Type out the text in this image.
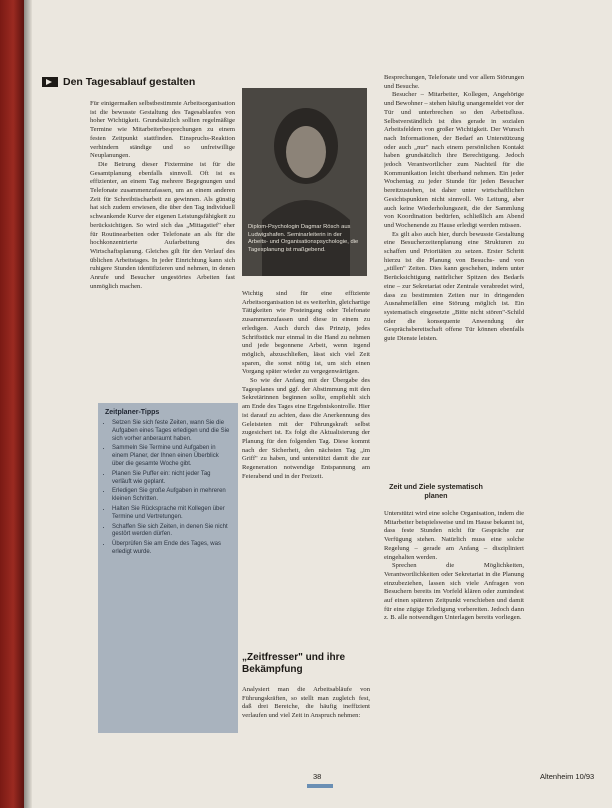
Den Tagesablauf gestalten

Für einigermaßen selbstbestimmte Arbeitsorganisation ist die bewusste Gestaltung des Tagesablaufes von hoher Wichtigkeit. Grundsätzlich sollten regelmäßige Termine wie Mitarbeiterbesprechungen zu einem festen Zeitpunkt stattfinden. Einspruchs-Reaktion verhindern ständige und so unfreiwillige Neuplanungen.

Die Betrung dieser Fixtermine ist für die Gesamtplanung ebenfalls sinnvoll. Oft ist es effizienter, an einem Tag mehrere Begegnungen und Telefonate zusammenzufassen, um an einem anderen Zeit für Schreibtischarbeit zu gewinnen. Als günstig hat sich zudem erwiesen, die über den Tag individuell schwankende Kurve der eigenen Leistungsfähigkeit zu berücksichtigen. So wird sich das „Mittagstief" eher für Routinearbeiten oder Telefonate an als für die hochkonzentrierte Aufarbeitung des Wirtschaftsplanung. Gleiches gilt für den Verlauf des üblichen Arbeitstages. In jeder Einrichtung kann sich ruhigere Stunden identifizieren und nehmen, in denen Anrufe und Besucher ungestörtes Arbeiten fast unmöglich machen.

Diplom-Psychologin Dagmar Rösch aus Ludwigshafen. Seminarleiterin in der Arbeits- und Organisationspsychologie, die Tagesplanung ist maßgebend.
Zeitplaner-Tipps
• Setzen Sie sich feste Zeiten, wann Sie die Aufgaben eines Tages erledigen und die Sie sich vorher anberaumt haben.
• Sammeln Sie Termine und Aufgaben in einem Planer, der Ihnen einen Überblick über die gesamte Woche gibt.
• Planen Sie Puffer ein: nicht jeder Tag verläuft wie geplant.
• Erledigen Sie große Aufgaben in mehreren kleinen Schritten.
• Halten Sie Rücksprache mit Kollegen über Termine und Vertretungen.
• Schaffen Sie sich Zeiten, in denen Sie nicht gestört werden dürfen.
• Überprüfen Sie am Ende des Tages, was erledigt wurde.

Wichtig sind für eine effiziente Arbeitsorganisation ist es weiterhin, gleichartige Tätigkeiten wie Posteingang oder Telefonate zusammenzufassen und diese in einem zu erledigen. Auch durch das Prinzip, jedes Schriftstück nur einmal in die Hand zu nehmen und jede begonnene Arbeit, wenn irgend möglich, abzuschließen, lässt sich viel Zeit sparen, die sonst nötig ist, um sich einen Vorgang später wieder zu vergegenwärtigen.

So wie der Anfang mit der Übergabe des Tagesplanes und ggf. der Abstimmung mit den Sekretärinnen beginnen sollte, empfiehlt sich am Ende des Tages eine Ergebniskontrolle. Hier ist darauf zu achten, dass die Anerkennung des Geleisteten mit der Führungskraft selbst zugesichert ist. Es folgt die Aktualisierung der Planung für den folgenden Tag. Diese kommt nach der Sicherheit, den nächsten Tag „im Griff" zu haben, und unterstützt damit die zur Regeneration notwendige Entspannung am Feierabend und in der Freizeit.

„Zeitfresser" und ihre Bekämpfung

Analysiert man die Arbeitsabläufe von Führungskräften, so stellt man zugleich fest, daß drei Bereiche, die häufig ineffizient verlaufen und viel Zeit in Anspruch nehmen:

Zeit und Ziele systematisch planen

Besprechungen, Telefonate und vor allem Störungen und Besuche.

Besucher – Mitarbeiter, Kollegen, Angehörige und Bewohner – stehen häufig unangemeldet vor der Tür und unterbrechen so den Arbeitsfluss. Selbstverständlich ist dies gerade in sozialen Arbeitsfeldern von großer Wichtigkeit. Der Wunsch nach Informationen, der Bedarf an Unterstützung oder auch „nur" nach einem persönlichen Kontakt haben grundsätzlich ihre Berechtigung. Jedoch jedoch Verantwortlicher zum Nachteil für die Kommunikation leicht überhand nehmen. Ein jeder Wochentag zu jeder Stunde für jeden Besucher bereitzustehen, ist daher unter wirtschaftlichen Gesichtspunkten nicht sinnvoll. Wo Leitung, aber auch keine Wiederholungszeit, die der Sammlung von Koordination bedürfen, schließlich am Abend und Wochenende zu Hause erledigt werden müssen.

Es gilt also auch hier, durch bewusste Gestaltung eine Besucherzeitenplanung eine Strukturen zu schaffen und Prioritäten zu setzen. Erster Schritt hierzu ist die Planung von Besuchs- und von „stillen" Zeiten. Dies kann geschehen, indem unter Berücksichtigung natürlicher Spitzen des Bedarfs eine – zur Sekretariat oder Zentrale verabredet wird, dass zu bestimmten Zeiten nur in dringenden Ausnahmefällen eine Störung möglich ist. Ein systematisch eingesetzte „Bitte nicht stören"-Schild oder die konsequente Anwendung der Gesprächsbereitschaft offene Tür können ebenfalls gute Dienste leisten.

Unterstützt wird eine solche Organisation, indem die Mitarbeiter beispielsweise und im Hause bekannt ist, dass feste Stunden nicht für Gespräche zur Verfügung stehen. Natürlich muss eine solche Regelung – gerade am Anfang – diszipliniert eingehalten werden.

Sprechen die Möglichkeiten, Verantwortlichkeiten oder Sekretariat in die Planung einzubeziehen, lassen sich viele Anfragen von Besuchern bereits im Vorfeld klären oder zumindest auf einen späteren Zeitpunkt verschieben und damit für eine zügige Erledigung vorbereiten. Jedoch dann z. B. alle notwendigen Unterlagen bereits vorliegen.

38	Altenheim 10/93
